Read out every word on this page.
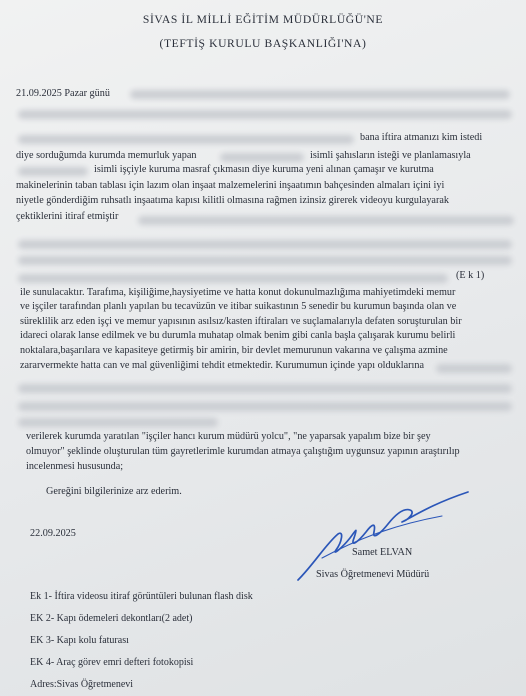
SİVAS İL MİLLİ EĞİTİM MÜDÜRLÜĞÜ'NE
(TEFTİŞ KURULU BAŞKANLIĞI'NA)
21.09.2025 Pazar günü
bana iftira atmanızı kim istedi
diye sorduğumda kurumda memurluk yapan	isimli şahısların isteği ve planlamasıyla
isimli işçiyle kuruma masraf çıkmasın diye kuruma yeni alınan çamaşır ve kurutma
makinelerinin taban tablası için lazım olan inşaat malzemelerini inşaatımın bahçesinden almaları içini iyi
niyetle gönderdiğim ruhsatlı inşaatıma kapısı kilitli olmasına rağmen izinsiz girerek videoyu kurgulayarak
çektiklerini itiraf etmiştir
(E k 1)
ile sunulacaktır. Tarafıma, kişiliğime,haysiyetime ve hatta konut dokunulmazlığıma mahiyetimdeki memur
ve işçiler tarafından planlı yapılan bu tecavüzün ve itibar suikastının 5 senedir bu kurumun başında olan ve
süreklilik arz eden işçi ve memur yapısının asılsız/kasten iftiraları ve suçlamalarıyla defaten soruşturulan bir
idareci olarak lanse edilmek ve bu durumla muhatap olmak benim gibi canla başla çalışarak kurumu belirli
noktalara,başarılara ve kapasiteye getirmiş bir amirin, bir devlet memurunun vakarına ve çalışma azmine
zararvermekte hatta can ve mal güvenliğimi tehdit etmektedir. Kurumumun içinde yapı olduklarına
verilerek kurumda yaratılan "işçiler hancı kurum müdürü yolcu", "ne yaparsak yapalım bize bir şey
olmuyor" şeklinde oluşturulan tüm gayretlerimle kurumdan atmaya çalıştığım uygunsuz yapının araştırılıp
incelenmesi hususunda;
Gereğini bilgilerinize arz ederim.
22.09.2025
Samet ELVAN
Sivas Öğretmenevi Müdürü
Ek 1- İftira videosu itiraf görüntüleri bulunan flash disk
EK 2- Kapı ödemeleri dekontları(2 adet)
EK 3- Kapı kolu faturası
EK 4- Araç görev emri defteri fotokopisi
Adres:Sivas Öğretmenevi
